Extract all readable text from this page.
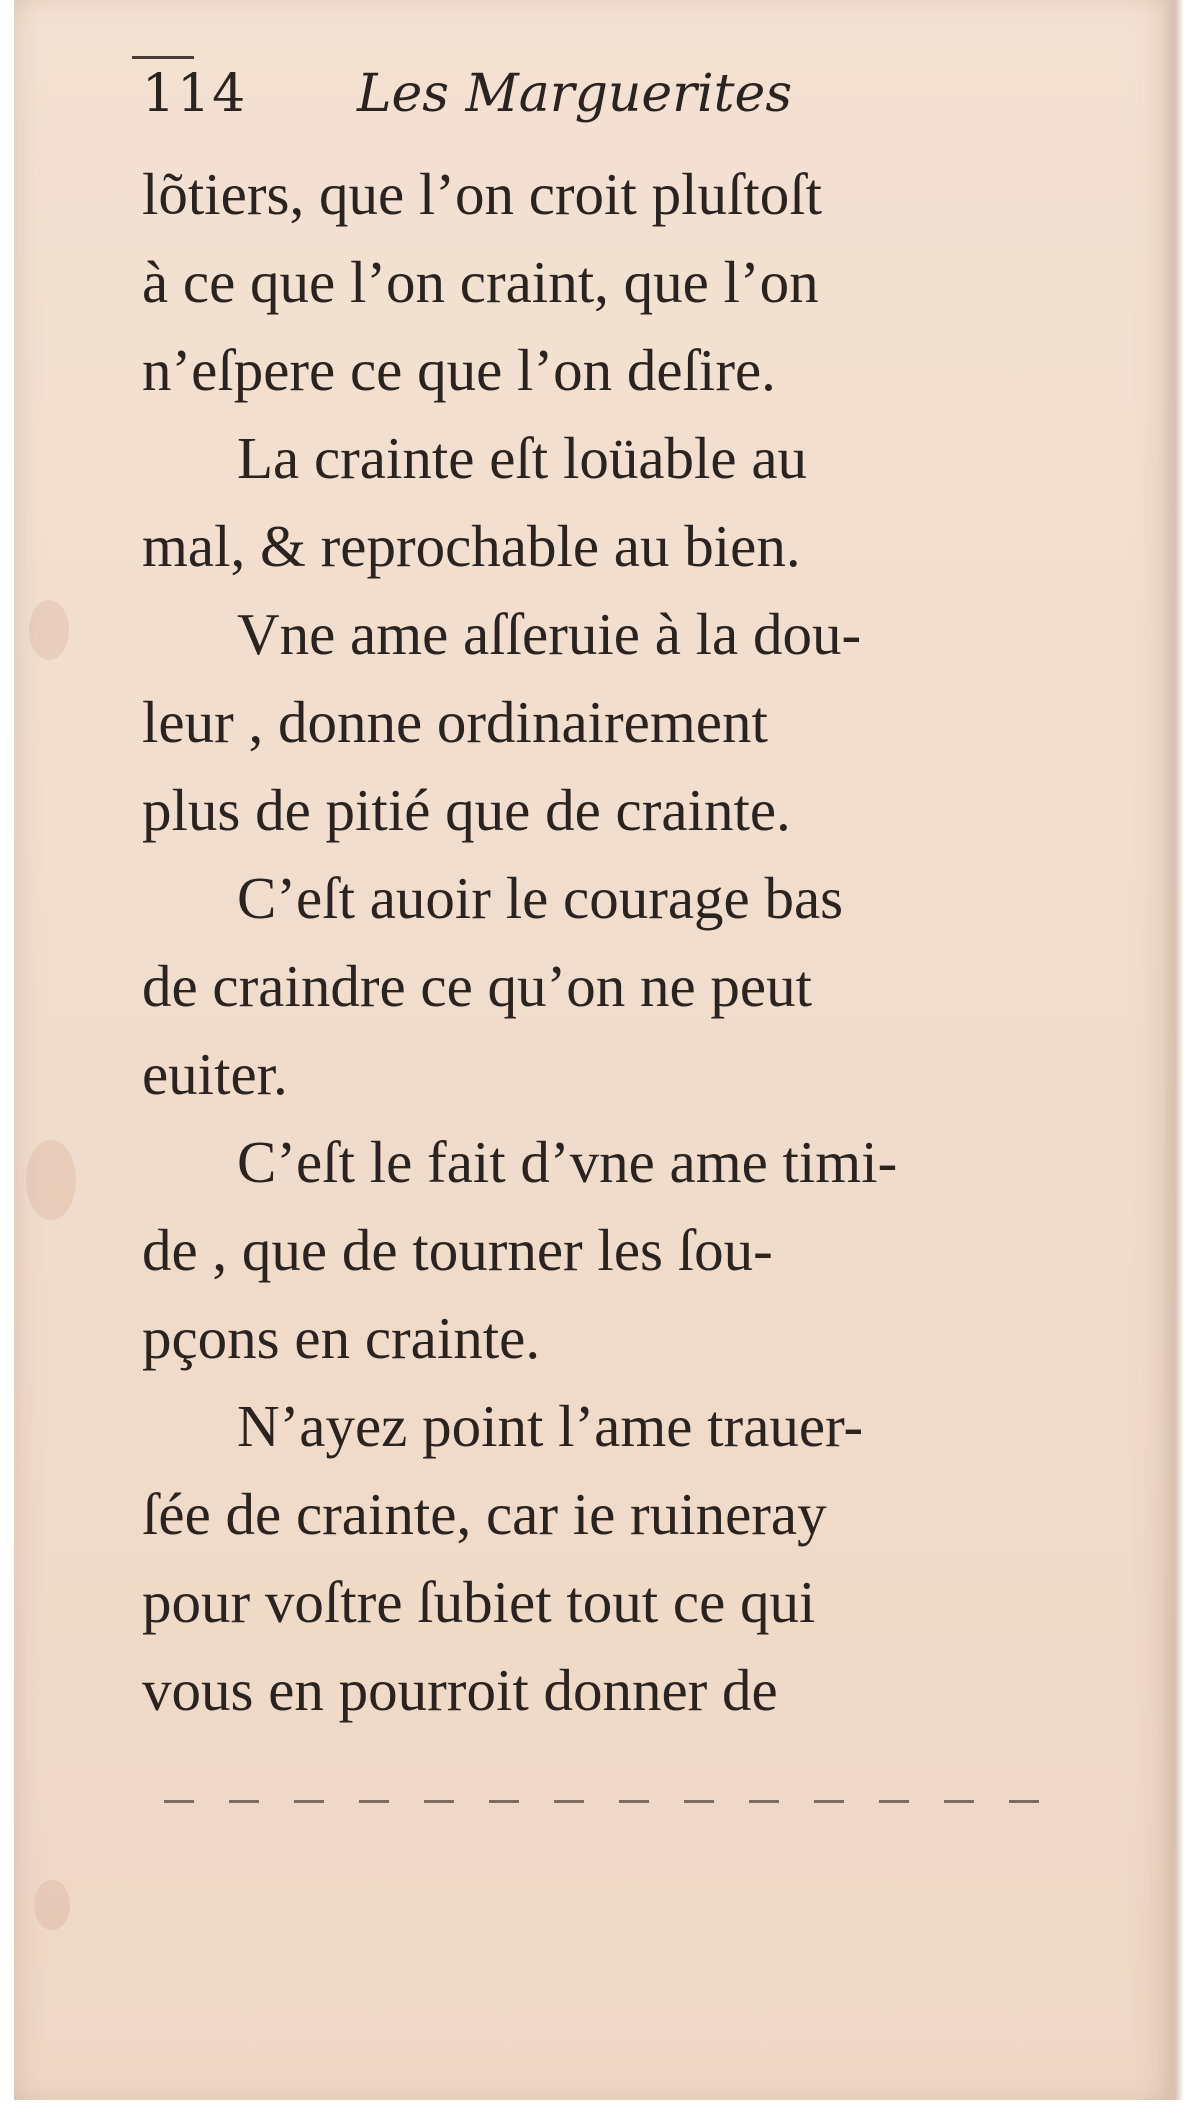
114 Les Marguerites
lõtiers, que l’on croit pluſtoſt
à ce que l’on craint, que l’on
n’eſpere ce que l’on deſire.
La crainte eſt loüable au
mal, & reprochable au bien.
Vne ame aſſeruie à la dou-
leur , donne ordinairement
plus de pitié que de crainte.
C’eſt auoir le courage bas
de craindre ce qu’on ne peut
euiter.
C’eſt le fait d’vne ame timi-
de , que de tourner les ſou-
pçons en crainte.
N’ayez point l’ame trauer-
ſée de crainte, car ie ruineray
pour voſtre ſubiet tout ce qui
vous en pourroit donner de
